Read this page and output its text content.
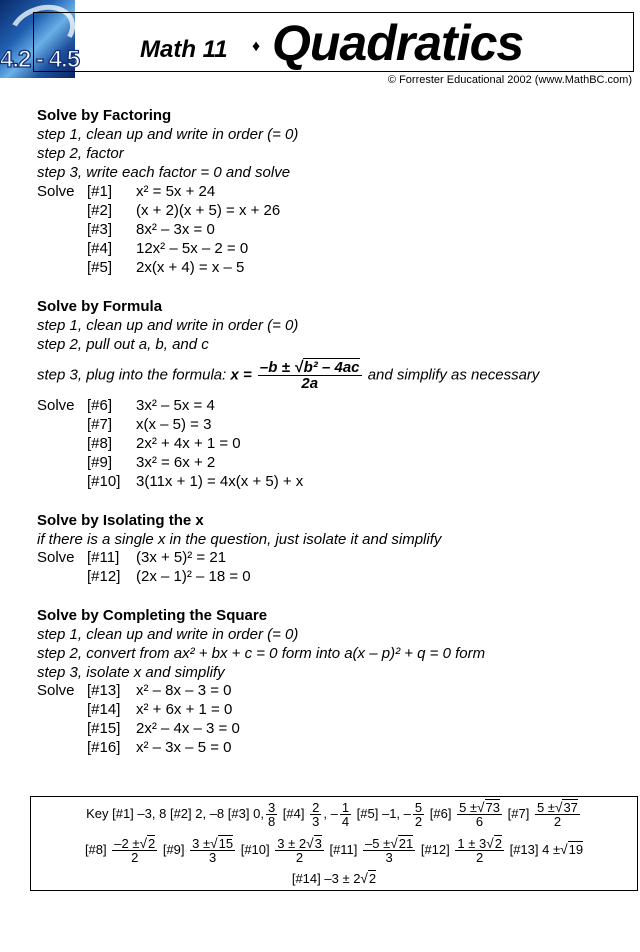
4.2 - 4.5	Math 11 ♦ Quadratics
© Forrester Educational 2002 (www.MathBC.com)
Solve by Factoring
step 1, clean up and write in order (= 0)
step 2, factor
step 3, write each factor = 0 and solve
Solve [#1] x² = 5x + 24
[#2] (x + 2)(x + 5) = x + 26
[#3] 8x² – 3x = 0
[#4] 12x² – 5x – 2 = 0
[#5] 2x(x + 4) = x – 5
Solve by Formula
step 1, clean up and write in order (= 0)
step 2, pull out a, b, and c
step 3, plug into the formula: $x = \frac{\text{–b ± √b² – 4ac}}{2a}$ and simplify as necessary
Solve [#6] 3x² – 5x = 4
[#7] x(x – 5) = 3
[#8] 2x² + 4x + 1 = 0
[#9] 3x² = 6x + 2
[#10] 3(11x + 1) = 4x(x + 5) + x
Solve by Isolating the x
if there is a single x in the question, just isolate it and simplify
Solve [#11] (3x + 5)² = 21
[#12] (2x – 1)² – 18 = 0
Solve by Completing the Square
step 1, clean up and write in order (= 0)
step 2, convert from ax² + bx + c = 0 form into a(x – p)² + q = 0 form
step 3, isolate x and simplify
Solve [#13] x² – 8x – 3 = 0
[#14] x² + 6x + 1 = 0
[#15] 2x² – 4x – 3 = 0
[#16] x² – 3x – 5 = 0
Key [#1] –3, 8 [#2] 2, –8 [#3] 0, $\frac{3}{8}$ [#4] $\frac{2}{3}$ , – $\frac{1}{4}$ [#5] –1, – $\frac{5}{2}$ [#6] $\frac{5 \pm√73}{6}$ [#7] $\frac{5 \pm√37}{2}$
[#8] $\frac{-2 \pm√2}{2}$ [#9] $\frac{3 \pm√15}{3}$ [#10] $\frac{3 \pm 2√3}{2}$ [#11] $\frac{-5 \pm√21}{3}$ [#12] $\frac{1 \pm 3√2}{2}$ [#13] 4 ±√19
[#14] –3 ± 2√2
